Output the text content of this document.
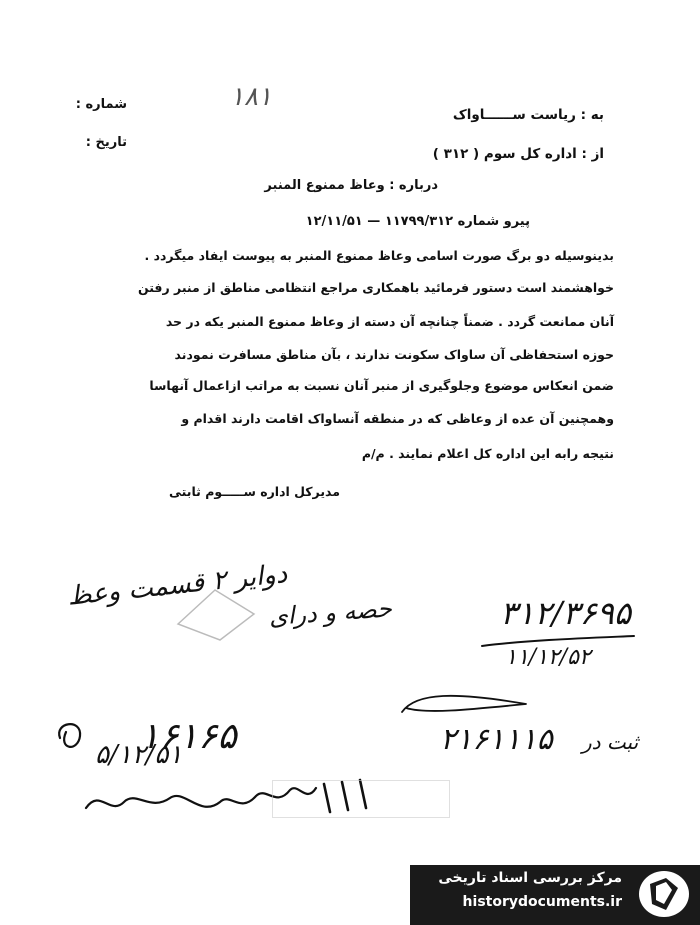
شماره :
تاریخ :
۱۸۱
به : ریاست ســــــاواک
از : اداره کل سوم ( ۳۱۲ )
درباره : وعاظ ممنوع المنبر
پیرو شماره ۱۱۷۹۹/۳۱۲ — ۱۲/۱۱/۵۱
بدینوسیله دو برگ صورت اسامی وعاظ ممنوع المنبر به پیوست ایفاد میگردد .
خواهشمند است دستور فرمائید باهمکاری مراجع انتظامی مناطق از منبر رفتن
آنان ممانعت گردد . ضمناً چنانچه آن دسته از وعاظ ممنوع المنبر یکه در حد
حوزه استحفاظی آن ساواک سکونت ندارند ، بآن مناطق مسافرت نمودند
ضمن انعکاس موضوع وجلوگیری از منبر آنان نسبت به مراتب ازاعمال آنهاسا
وهمچنین آن عده از وعاظی که در منطقه آنساواک اقامت دارند اقدام و
نتیجه رابه این اداره کل اعلام نمایند . م/م
مدیرکل اداره ســـــوم ثابتی
۳۱۲/۳۶۹۵
۱۱/۱۲/۵۲
دوایر ۲ قسمت وعظ
حصه و درای
۱۶۱۶۵
۵/۱۲/۵۱	۲۱۶۱۱۱۵ ثبت در
مرکز بررسی اسناد تاریخی
historydocuments.ir
